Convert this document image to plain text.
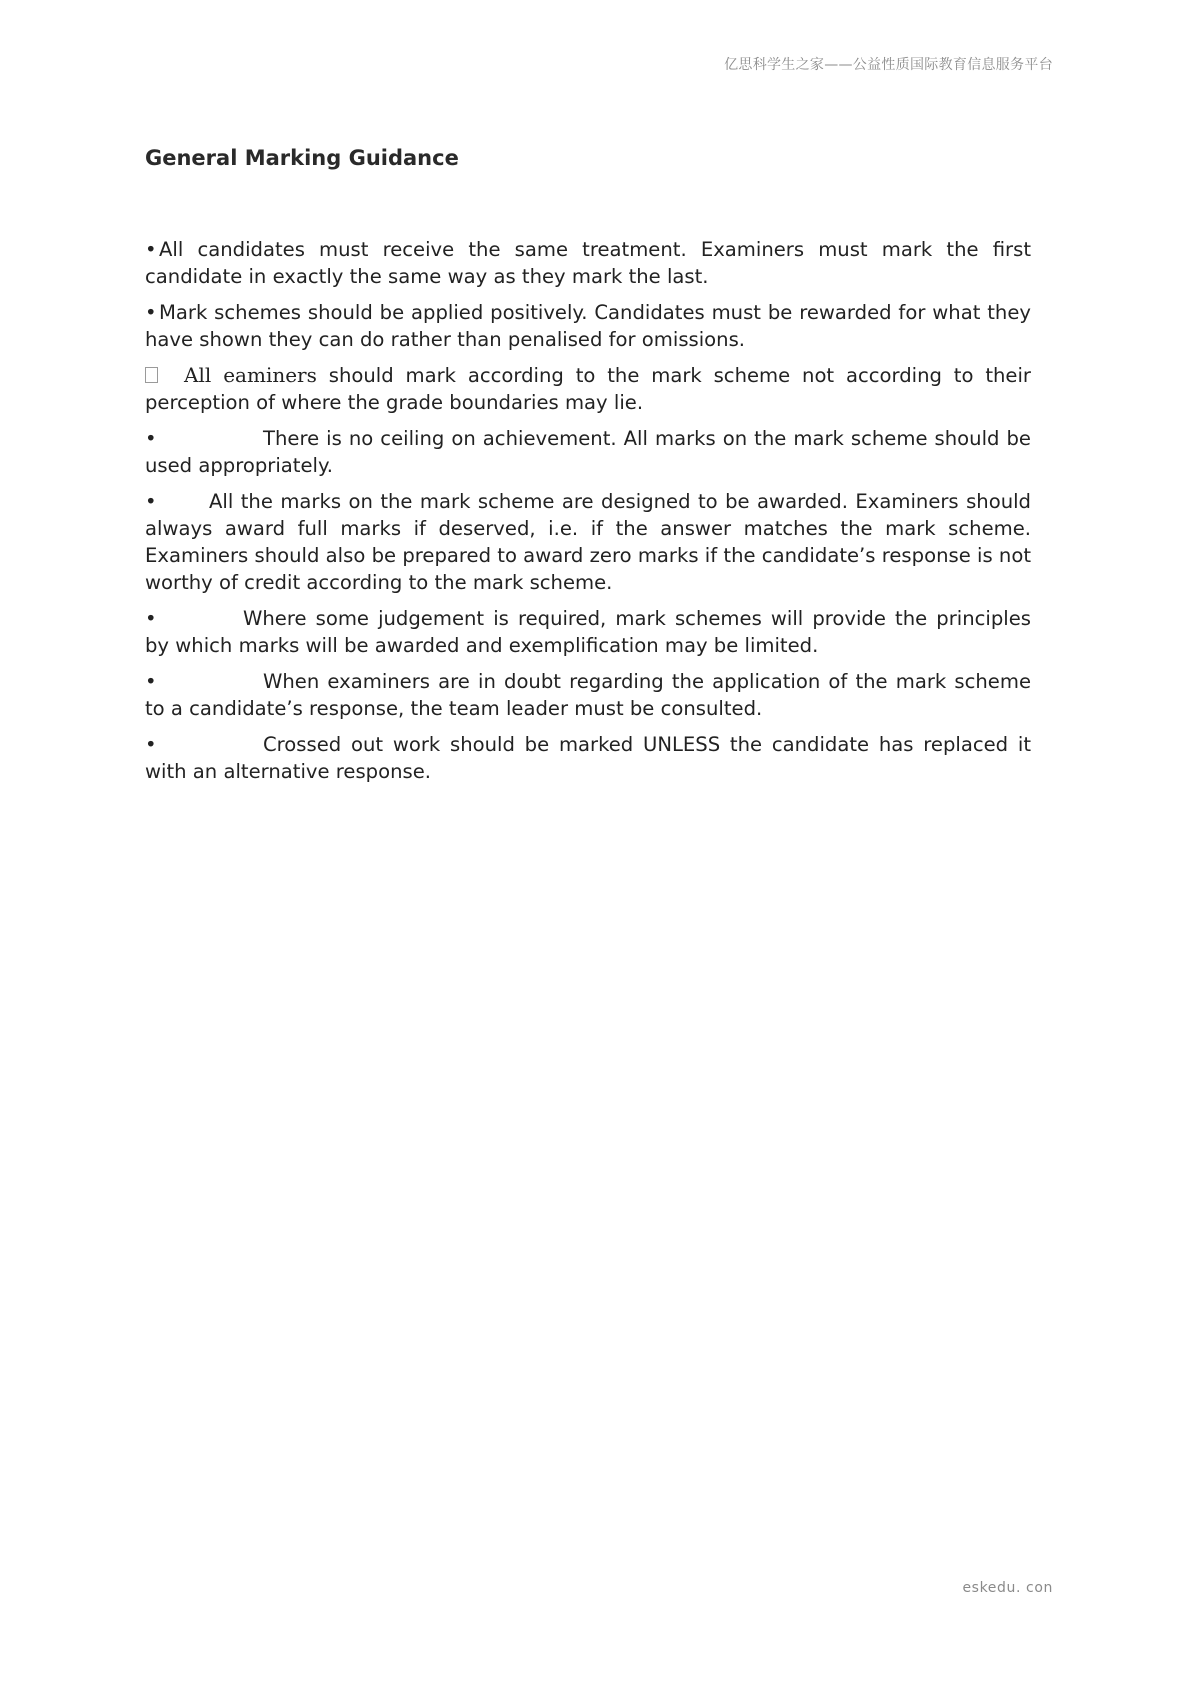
亿思科学生之家——公益性质国际教育信息服务平台
General Marking Guidance
• All candidates must receive the same treatment. Examiners must mark the first candidate in exactly the same way as they mark the last.
• Mark schemes should be applied positively. Candidates must be rewarded for what they have shown they can do rather than penalised for omissions.
All eaminers should mark according to the mark scheme not according to their perception of where the grade boundaries may lie.
•	There is no ceiling on achievement. All marks on the mark scheme should be used appropriately.
•	All the marks on the mark scheme are designed to be awarded. Examiners should always award full marks if deserved, i.e. if the answer matches the mark scheme. Examiners should also be prepared to award zero marks if the candidate’s response is not worthy of credit according to the mark scheme.
•	Where some judgement is required, mark schemes will provide the principles by which marks will be awarded and exemplification may be limited.
•	When examiners are in doubt regarding the application of the mark scheme to a candidate’s response, the team leader must be consulted.
•	Crossed out work should be marked UNLESS the candidate has replaced it with an alternative response.
eskedu. con
